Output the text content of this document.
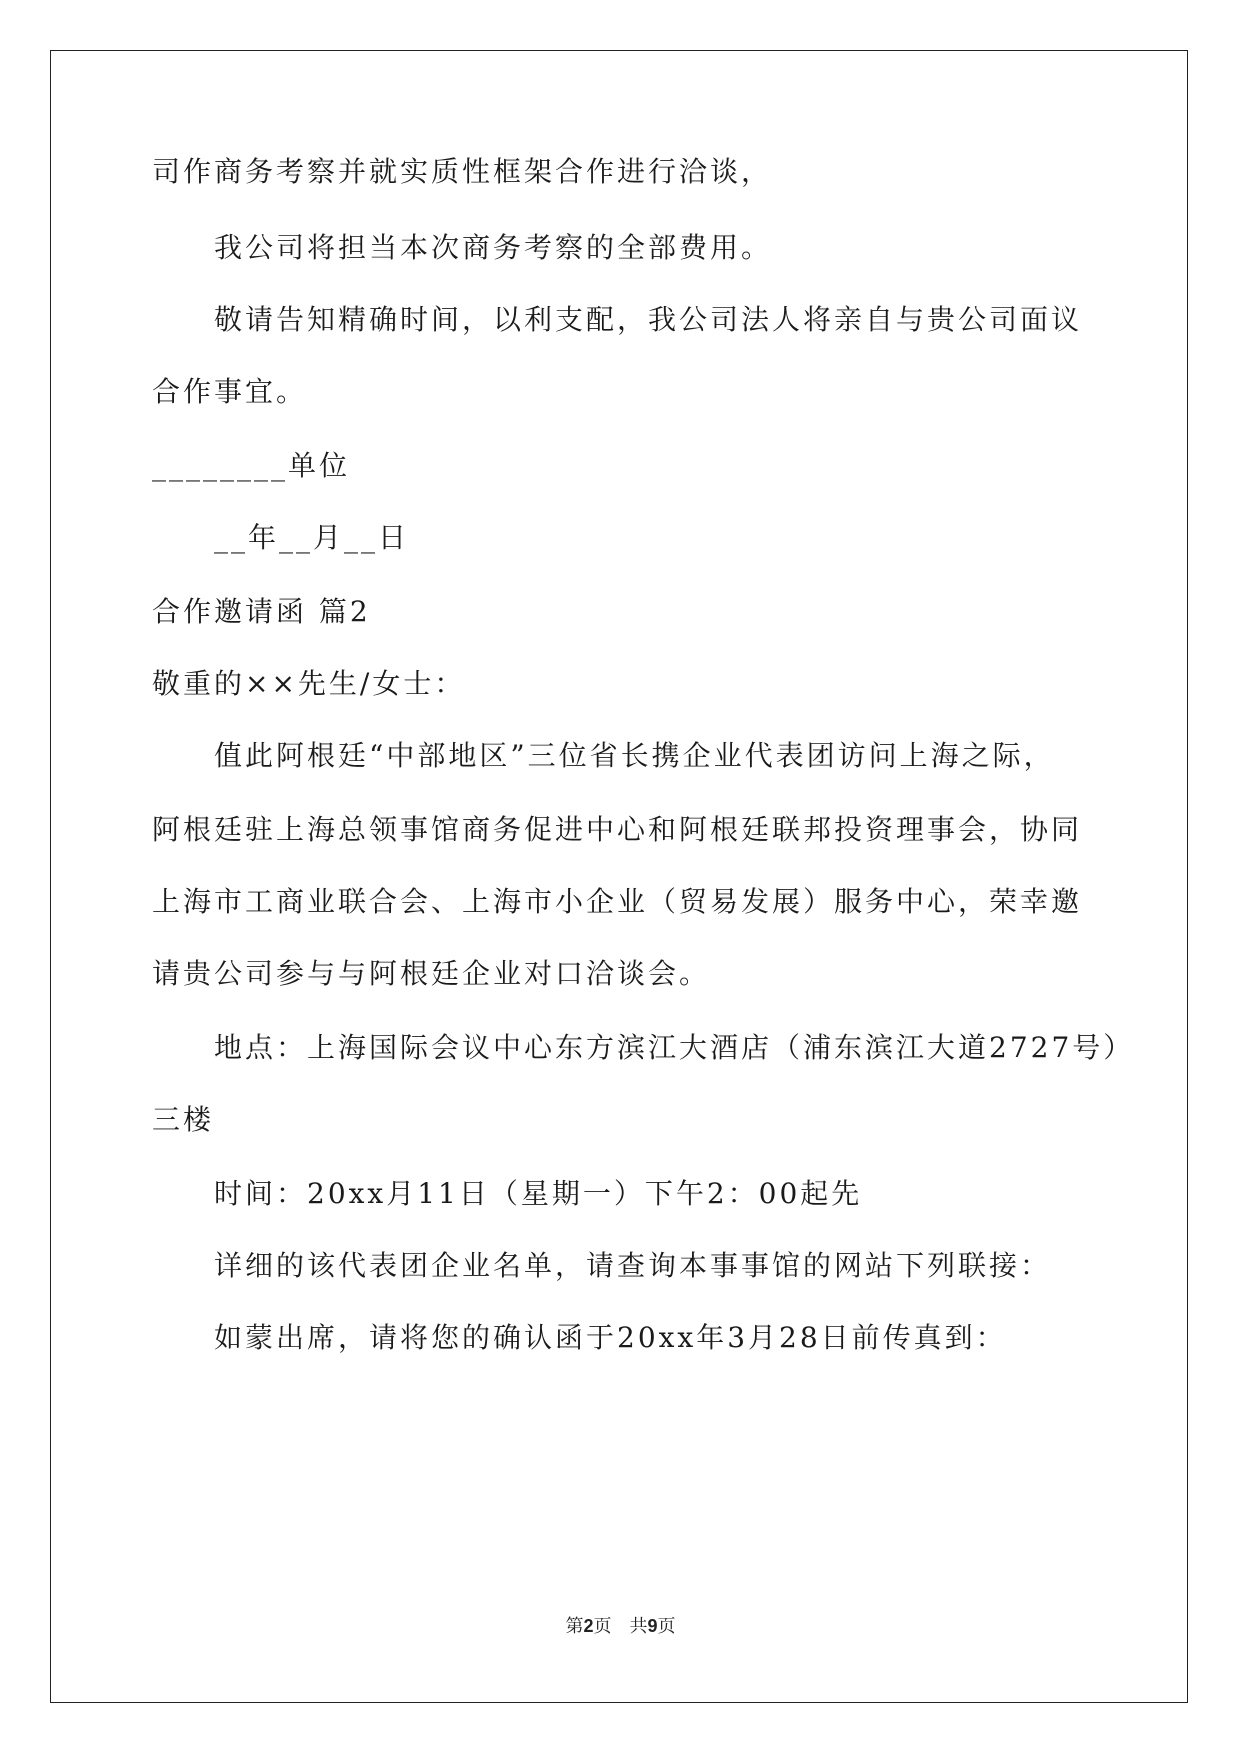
司作商务考察并就实质性框架合作进行洽谈，
我公司将担当本次商务考察的全部费用。
敬请告知精确时间，以利支配，我公司法人将亲自与贵公司面议
合作事宜。
________单位
__年__月__日
合作邀请函 篇2
敬重的××先生/女士：
值此阿根廷“中部地区”三位省长携企业代表团访问上海之际，
阿根廷驻上海总领事馆商务促进中心和阿根廷联邦投资理事会，协同
上海市工商业联合会、上海市小企业（贸易发展）服务中心，荣幸邀
请贵公司参与与阿根廷企业对口洽谈会。
地点：上海国际会议中心东方滨江大酒店（浦东滨江大道2727号）
三楼
时间：20xx月11日（星期一）下午2：00起先
详细的该代表团企业名单，请查询本事事馆的网站下列联接：
如蒙出席，请将您的确认函于20xx年3月28日前传真到：
第2页　共9页
